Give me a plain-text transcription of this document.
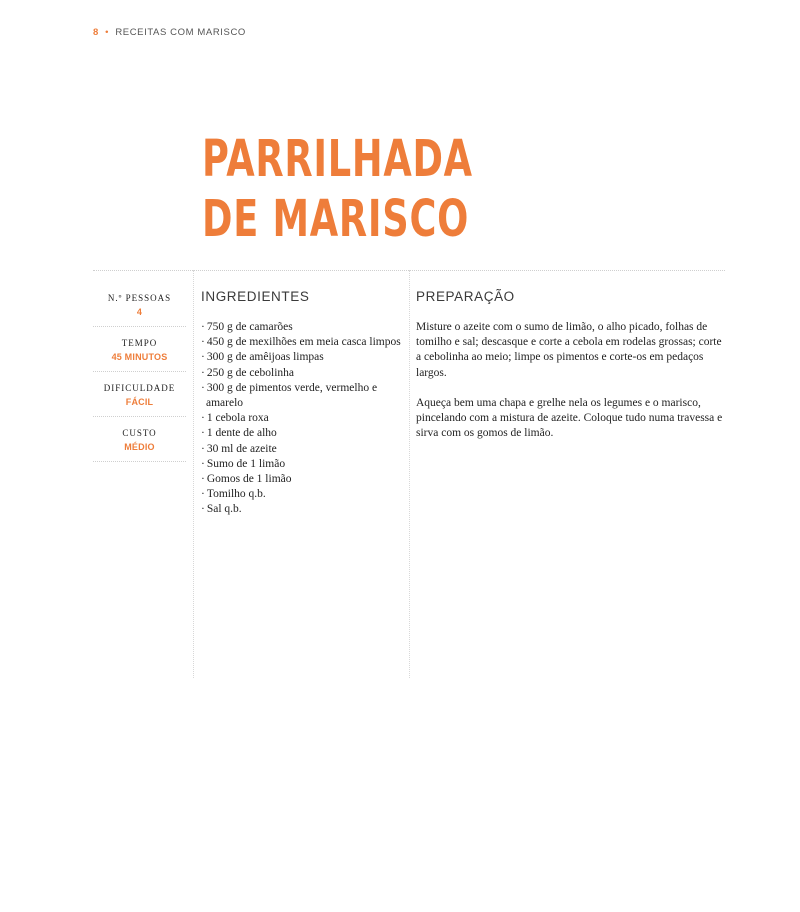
8 • RECEITAS COM MARISCO
PARRILHADA
DE MARISCO
N.º PESSOAS
4
TEMPO
45 MINUTOS
DIFICULDADE
FÁCIL
CUSTO
MÉDIO
INGREDIENTES
· 750 g de camarões
· 450 g de mexilhões em meia casca limpos
· 300 g de amêijoas limpas
· 250 g de cebolinha
· 300 g de pimentos verde, vermelho e amarelo
· 1 cebola roxa
· 1 dente de alho
· 30 ml de azeite
· Sumo de 1 limão
· Gomos de 1 limão
· Tomilho q.b.
· Sal q.b.
PREPARAÇÃO

Misture o azeite com o sumo de limão, o alho picado, folhas de tomilho e sal; descasque e corte a cebola em rodelas grossas; corte a cebolinha ao meio; limpe os pimentos e corte-os em pedaços largos.

Aqueça bem uma chapa e grelhe nela os legumes e o marisco, pincelando com a mistura de azeite. Coloque tudo numa travessa e sirva com os gomos de limão.
